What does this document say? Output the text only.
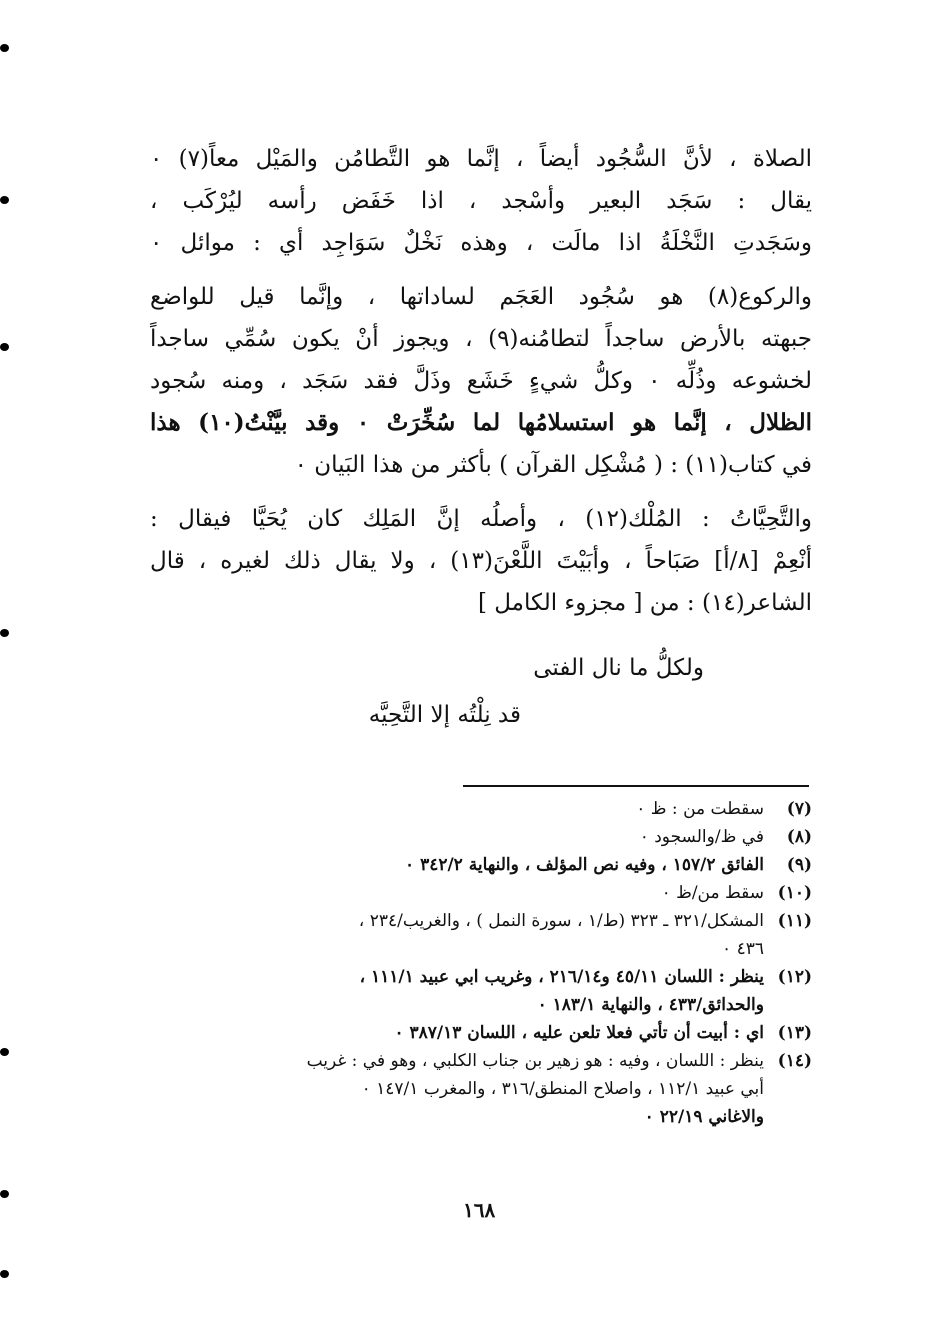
الصلاة ، لأنَّ السُّجُود أيضاً ، إنَّما هو التَّطامُن والمَيْل معاً(٧) ٠
يقال : سَجَد البعير وأسْجد ، اذا خَفَض رأسه ليُرْكَب ،
وسَجَدتِ النَّخْلَةُ اذا مالَت ، وهذه نَخْلٌ سَوَاجِد أي : موائل ٠
والركوع(٨) هو سُجُود العَجَم لساداتها ، وإنَّما قيل للواضع
جبهته بالأرض ساجداً لتطامُنه(٩) ، ويجوز أنْ يكون سُمِّي ساجداً
لخشوعه وذُلِّه ٠ وكلُّ شيءٍ خَشَع وذَلَّ فقد سَجَد ، ومنه سُجود
الظلال ، إنَّما هو استسلامُها لما سُخِّرَتْ ٠ وقد بيَّنْتُ(١٠) هذا
في كتاب(١١) : ( مُشْكِل القرآن ) بأكثر من هذا البَيان ٠
والتَّحِيَّاتُ : المُلْك(١٢) ، وأصلُه إنَّ المَلِك كان يُحَيَّا فيقال :
أنْعِمْ [٨/أ] صَبَاحاً ، وأبَيْتَ اللَّعْنَ(١٣) ، ولا يقال ذلك لغيره ، قال
الشاعر(١٤) : من [ مجزوء الكامل ]
ولكلُّ ما نال الفتى
قد نِلْتُه إلا التَّحِيَّه
(٧)
سقطت من : ظ ٠
(٨)
في ظ/والسجود ٠
(٩)
الفائق ١٥٧/٢ ، وفيه نص المؤلف ، والنهاية ٣٤٢/٢ ٠
(١٠)
سقط من/ظ ٠
(١١)
المشكل/٣٢١ ـ ٣٢٣ (ط/١ ، سورة النمل ) ، والغريب/٢٣٤ ،
٤٣٦ ٠
(١٢)
ينظر : اللسان ٤٥/١١ و٢١٦/١٤ ، وغريب ابي عبيد ١١١/١ ،
والحدائق/٤٣٣ ، والنهاية ١٨٣/١ ٠
(١٣)
اي : أبيت أن تأتي فعلا تلعن عليه ، اللسان ٣٨٧/١٣ ٠
(١٤)
ينظر : اللسان ، وفيه : هو زهير بن جناب الكلبي ، وهو في : غريب
أبي عبيد ١١٢/١ ، واصلاح المنطق/٣١٦ ، والمغرب ١٤٧/١ ٠
والاغاني ٢٢/١٩ ٠
١٦٨
